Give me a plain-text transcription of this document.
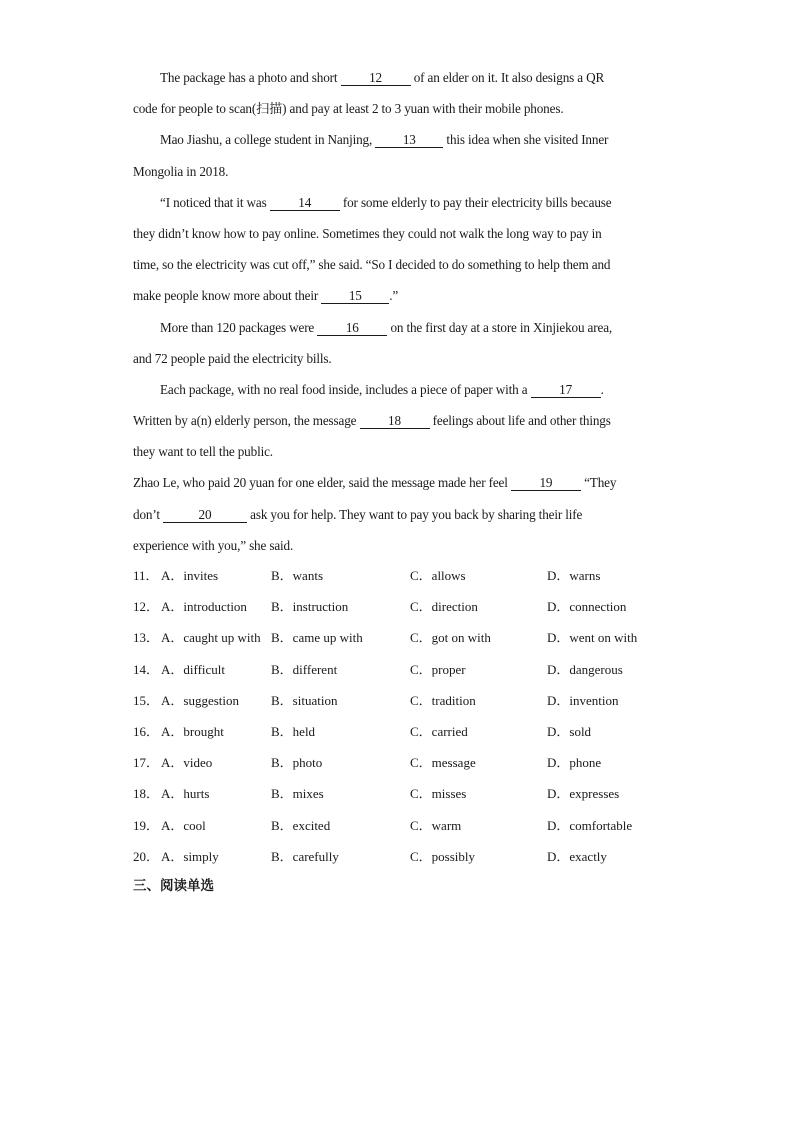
The package has a photo and short 12 of an elder on it. It also designs a QR
code for people to scan(扫描) and pay at least 2 to 3 yuan with their mobile phones.
Mao Jiashu, a college student in Nanjing, 13 this idea when she visited Inner
Mongolia in 2018.
“I noticed that it was 14 for some elderly to pay their electricity bills because
they didn’t know how to pay online. Sometimes they could not walk the long way to pay in
time, so the electricity was cut off,” she said. “So I decided to do something to help them and
make people know more about their 15 .”
More than 120 packages were 16 on the first day at a store in Xinjiekou area,
and 72 people paid the electricity bills.
Each package, with no real food inside, includes a piece of paper with a 17 .
Written by a(n) elderly person, the message 18 feelings about life and other things
they want to tell the public.
Zhao Le, who paid 20 yuan for one elder, said the message made her feel 19 “They
don’t	20	ask you for help. They want to pay you back by sharing their life
experience with you,” she said.
11． A．invites	B．wants	C．allows	D．warns
12． A．introduction B．instruction	C．direction	D．connection
13． A．caught up with B．came up with	C．got on with	D．went on with
14． A．difficult	B．different	C．proper	D．dangerous
15． A．suggestion B．situation	C．tradition	D．invention
16． A．brought	B．held	C．carried	D．sold
17． A．video	B．photo	C．message	D．phone
18． A．hurts	B．mixes	C．misses	D．expresses
19． A．cool	B．excited	C．warm	D．comfortable
20． A．simply	B．carefully	C．possibly	D．exactly
三、阅读单选
